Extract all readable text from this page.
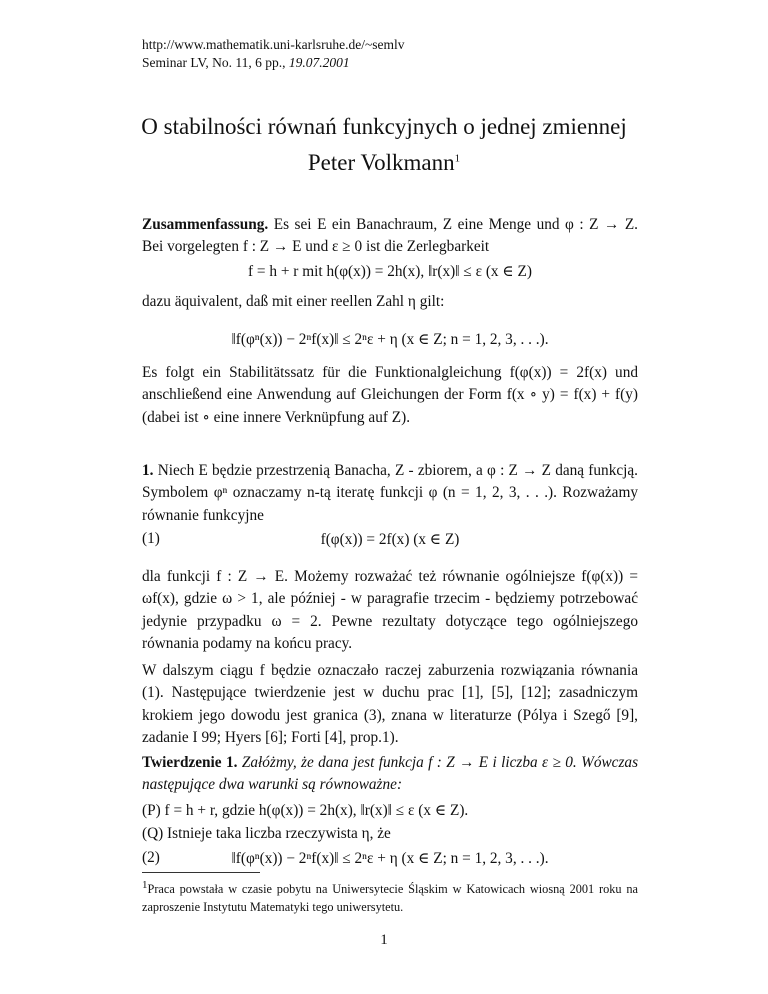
http://www.mathematik.uni-karlsruhe.de/~semlv
Seminar LV, No. 11, 6 pp., 19.07.2001
O stabilności równań funkcyjnych o jednej zmiennej
Peter Volkmann$^1$
Zusammenfassung. Es sei E ein Banachraum, Z eine Menge und φ : Z → Z. Bei vorgelegten f : Z → E und ε ≥ 0 ist die Zerlegbarkeit
f = h + r mit h(φ(x)) = 2h(x), ‖r(x)‖ ≤ ε (x ∈ Z)
dazu äquivalent, daß mit einer reellen Zahl η gilt:
‖f(φⁿ(x)) − 2ⁿf(x)‖ ≤ 2ⁿε + η (x ∈ Z; n = 1, 2, 3, . . .).
Es folgt ein Stabilitätssatz für die Funktionalgleichung f(φ(x)) = 2f(x) und anschließend eine Anwendung auf Gleichungen der Form f(x ∘ y) = f(x) + f(y) (dabei ist ∘ eine innere Verknüpfung auf Z).
1. Niech E będzie przestrzenią Banacha, Z - zbiorem, a φ : Z → Z daną funkcją. Symbolem φⁿ oznaczamy n-tą iteratę funkcji φ (n = 1, 2, 3, . . .). Rozważamy równanie funkcyjne
(1)	f(φ(x)) = 2f(x) (x ∈ Z)
dla funkcji f : Z → E. Możemy rozważać też równanie ogólniejsze f(φ(x)) = ωf(x), gdzie ω > 1, ale później - w paragrafie trzecim - będziemy potrzebować jedynie przypadku ω = 2. Pewne rezultaty dotyczące tego ogólniejszego równania podamy na końcu pracy.
W dalszym ciągu f będzie oznaczało raczej zaburzenia rozwiązania równania (1). Następujące twierdzenie jest w duchu prac [1], [5], [12]; zasadniczym krokiem jego dowodu jest granica (3), znana w literaturze (Pólya i Szegő [9], zadanie I 99; Hyers [6]; Forti [4], prop.1).
Twierdzenie 1. Załóżmy, że dana jest funkcja f : Z → E i liczba ε ≥ 0. Wówczas następujące dwa warunki są równoważne:
(P) f = h + r, gdzie h(φ(x)) = 2h(x), ‖r(x)‖ ≤ ε (x ∈ Z).
(Q) Istnieje taka liczba rzeczywista η, że
(2)	‖f(φⁿ(x)) − 2ⁿf(x)‖ ≤ 2ⁿε + η (x ∈ Z; n = 1, 2, 3, . . .).
$^1$Praca powstała w czasie pobytu na Uniwersytecie Śląskim w Katowicach wiosną 2001 roku na zaproszenie Instytutu Matematyki tego uniwersytetu.
1
